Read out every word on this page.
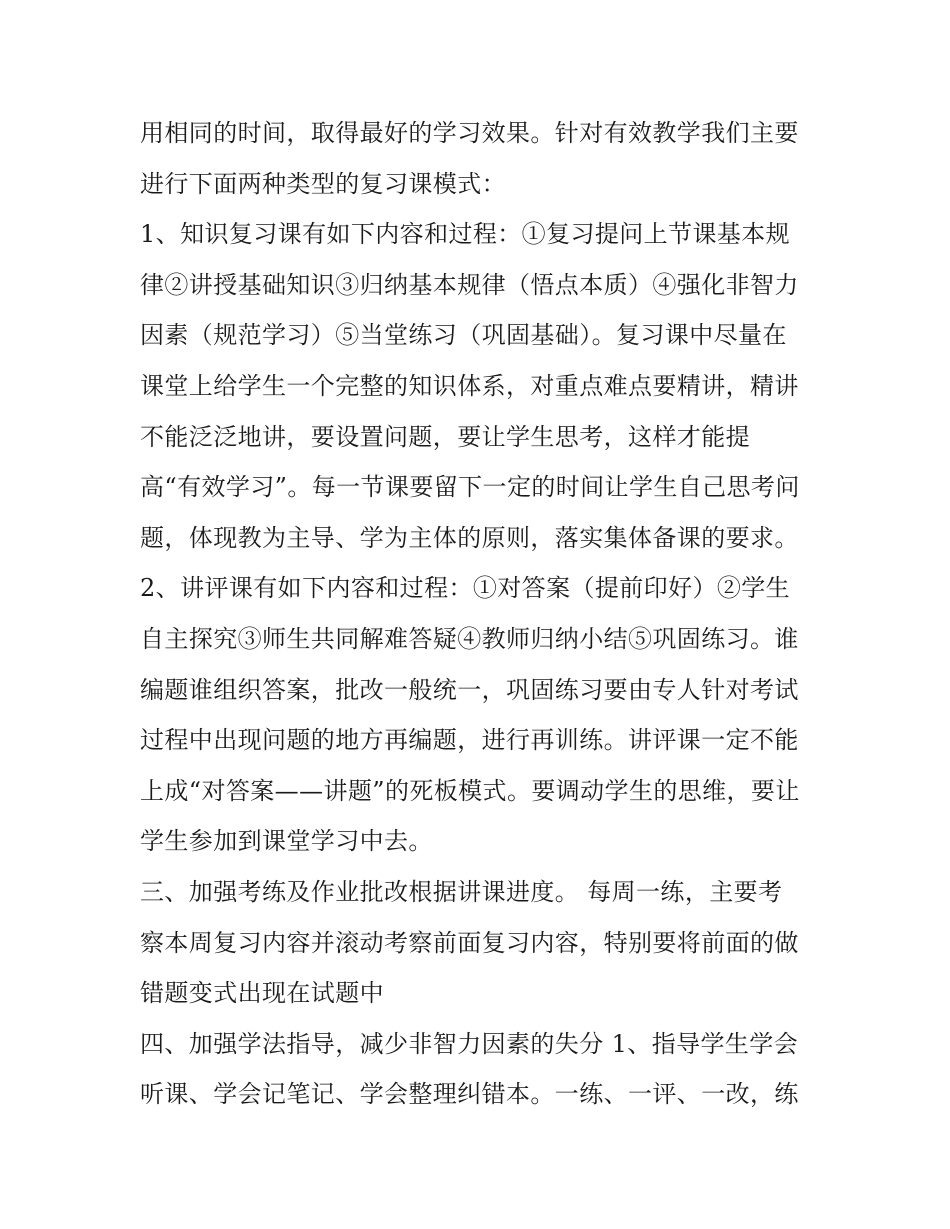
用相同的时间，取得最好的学习效果。针对有效教学我们主要
进行下面两种类型的复习课模式：
1、知识复习课有如下内容和过程：①复习提问上节课基本规
律②讲授基础知识③归纳基本规律（悟点本质）④强化非智力
因素（规范学习）⑤当堂练习（巩固基础）。复习课中尽量在
课堂上给学生一个完整的知识体系，对重点难点要精讲，精讲
不能泛泛地讲，要设置问题，要让学生思考，这样才能提
高“有效学习”。每一节课要留下一定的时间让学生自己思考问
题，体现教为主导、学为主体的原则，落实集体备课的要求。
2、讲评课有如下内容和过程：①对答案（提前印好）②学生
自主探究③师生共同解难答疑④教师归纳小结⑤巩固练习。谁
编题谁组织答案，批改一般统一，巩固练习要由专人针对考试
过程中出现问题的地方再编题，进行再训练。讲评课一定不能
上成“对答案——讲题”的死板模式。要调动学生的思维，要让
学生参加到课堂学习中去。
三、加强考练及作业批改根据讲课进度。 每周一练，主要考
察本周复习内容并滚动考察前面复习内容，特别要将前面的做
错题变式出现在试题中
四、加强学法指导，减少非智力因素的失分 1、指导学生学会
听课、学会记笔记、学会整理纠错本。一练、一评、一改，练
